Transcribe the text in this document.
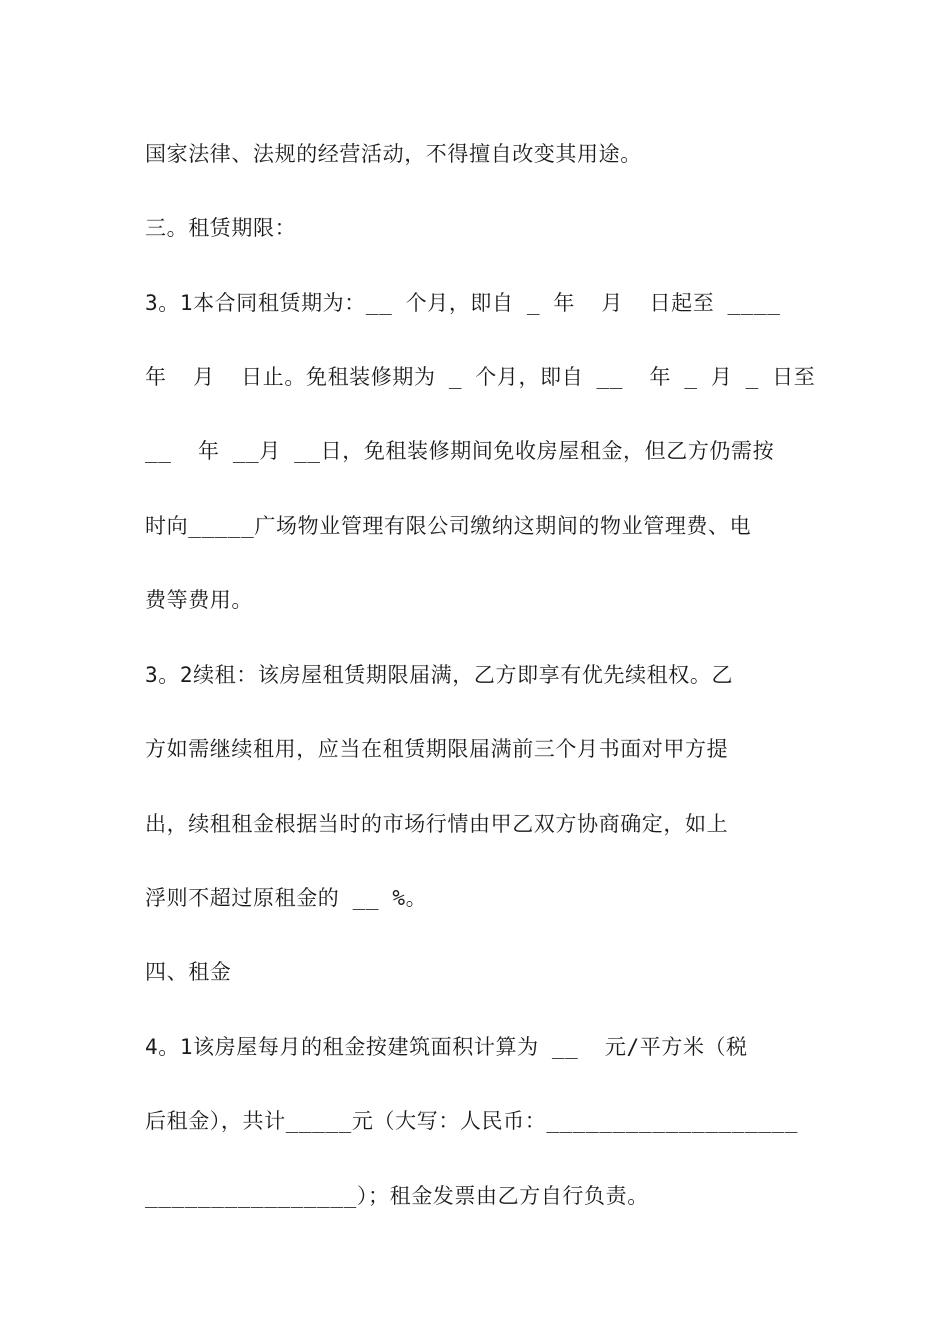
国家法律、法规的经营活动，不得擅自改变其用途。
三。租赁期限：
3。1本合同租赁期为：__ 个月，即自 _ 年  月  日起至 ____
年  月  日止。免租装修期为 _ 个月，即自 __  年 _ 月 _ 日至
__  年 __月 __日，免租装修期间免收房屋租金，但乙方仍需按
时向_____广场物业管理有限公司缴纳这期间的物业管理费、电
费等费用。
3。2续租：该房屋租赁期限届满，乙方即享有优先续租权。乙
方如需继续租用，应当在租赁期限届满前三个月书面对甲方提
出，续租租金根据当时的市场行情由甲乙双方协商确定，如上
浮则不超过原租金的 __ %。
四、租金
4。1该房屋每月的租金按建筑面积计算为 __  元/平方米（税
后租金），共计_____元（大写：人民币：___________________
________________）；租金发票由乙方自行负责。
